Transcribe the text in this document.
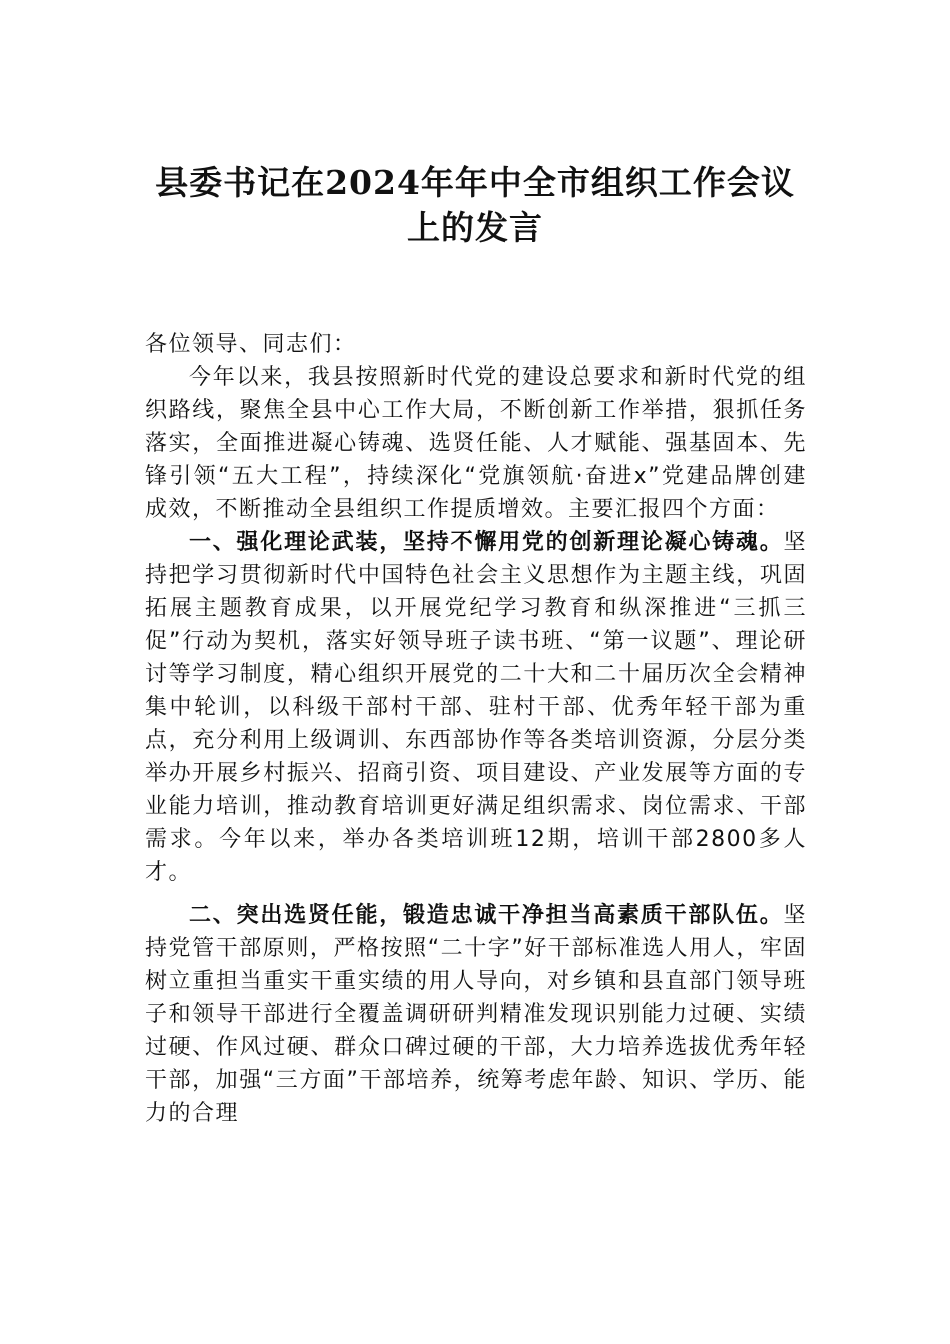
县委书记在2024年年中全市组织工作会议
上的发言

各位领导、同志们：

今年以来，我县按照新时代党的建设总要求和新时代党的组织路线，聚焦全县中心工作大局，不断创新工作举措，狠抓任务落实，全面推进凝心铸魂、选贤任能、人才赋能、强基固本、先锋引领“五大工程”，持续深化“党旗领航·奋进x”党建品牌创建成效，不断推动全县组织工作提质增效。主要汇报四个方面：

一、强化理论武装，坚持不懈用党的创新理论凝心铸魂。坚持把学习贯彻新时代中国特色社会主义思想作为主题主线，巩固拓展主题教育成果，以开展党纪学习教育和纵深推进“三抓三促”行动为契机，落实好领导班子读书班、“第一议题”、理论研讨等学习制度，精心组织开展党的二十大和二十届历次全会精神集中轮训，以科级干部村干部、驻村干部、优秀年轻干部为重点，充分利用上级调训、东西部协作等各类培训资源，分层分类举办开展乡村振兴、招商引资、项目建设、产业发展等方面的专业能力培训，推动教育培训更好满足组织需求、岗位需求、干部需求。今年以来，举办各类培训班12期，培训干部2800多人才。

二、突出选贤任能，锻造忠诚干净担当高素质干部队伍。坚持党管干部原则，严格按照“二十字”好干部标准选人用人，牢固树立重担当重实干重实绩的用人导向，对乡镇和县直部门领导班子和领导干部进行全覆盖调研研判精准发现识别能力过硬、实绩过硬、作风过硬、群众口碑过硬的干部，大力培养选拔优秀年轻干部，加强“三方面”干部培养，统筹考虑年龄、知识、学历、能力的合理
